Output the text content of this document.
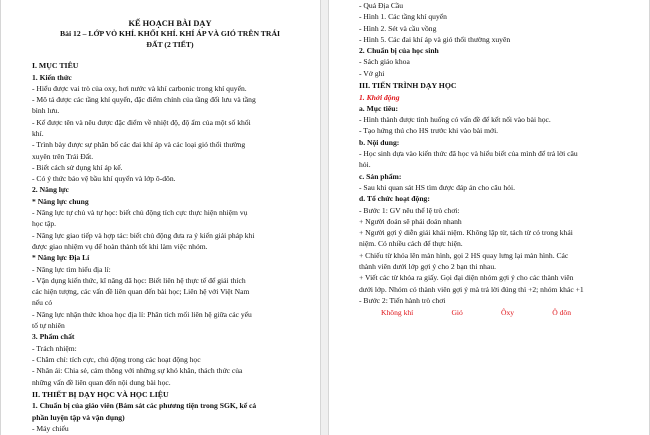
KẾ HOẠCH BÀI DẠY
Bài 12 – LỚP VỎ KHÍ. KHỐI KHÍ. KHÍ ÁP VÀ GIÓ TRÊN TRÁI
ĐẤT (2 TIẾT)
I. MỤC TIÊU
1. Kiến thức
- Hiểu được vai trò của oxy, hơi nước và khí carbonic trong khí quyển.
- Mô tả được các tầng khí quyển, đặc điểm chính của tầng đối lưu và tầng
bình lưu.
- Kể được tên và nêu được đặc điểm về nhiệt độ, độ ẩm của một số khối
khí.
- Trình bày được sự phân bố các đai khí áp và các loại gió thổi thường
xuyên trên Trái Đất.
- Biết cách sử dụng khí áp kế.
- Có ý thức bảo vệ bầu khí quyển và lớp ô-dôn.
2. Năng lực
* Năng lực chung
- Năng lực tự chủ và tự học: biết chủ động tích cực thực hiện nhiệm vụ
học tập.
- Năng lực giao tiếp và hợp tác: biết chủ động đưa ra ý kiến giải pháp khi
được giao nhiệm vụ để hoàn thành tốt khi làm việc nhóm.
* Năng lực Địa Lí
- Năng lực tìm hiểu địa lí:
- Vận dụng kiến thức, kĩ năng đã học: Biết liên hệ thực tế để giải thích
các hiện tượng, các vấn đề liên quan đến bài học; Liên hệ với Việt Nam
nếu có
- Năng lực nhận thức khoa học địa lí: Phân tích mối liên hệ giữa các yếu
tố tự nhiên
3. Phẩm chất
- Trách nhiệm:
- Chăm chỉ: tích cực, chủ động trong các hoạt động học
- Nhân ái: Chia sẻ, cảm thông với những sự khó khăn, thách thức của
những vấn đề liên quan đến nội dung bài học.
II. THIẾT BỊ DẠY HỌC VÀ HỌC LIỆU
1. Chuẩn bị của giáo viên (Bám sát các phương tiện trong SGK, kể cả
phần luyện tập và vận dụng)
- Máy chiếu
- Quả Địa Cầu
- Hình 1. Các tầng khí quyển
- Hình 2. Sét và cầu vồng
- Hình 5. Các đai khí áp và gió thổi thường xuyên
2. Chuẩn bị của học sinh
- Sách giáo khoa
- Vở ghi
III. TIẾN TRÌNH DẠY HỌC
1. Khởi động
a. Mục tiêu:
- Hình thành được tình huống có vấn đề để kết nối vào bài học.
- Tạo hứng thú cho HS trước khi vào bài mới.
b. Nội dung:
- Học sinh dựa vào kiến thức đã học và hiểu biết của mình để trả lời câu
hỏi.
c. Sản phẩm:
- Sau khi quan sát HS tìm được đáp án cho câu hỏi.
d. Tổ chức hoạt động:
- Bước 1: GV nêu thể lệ trò chơi:
+ Người đoán sẽ phải đoán nhanh
+ Người gợi ý diễn giải khái niệm. Không lặp từ, tách từ có trong khái
niệm. Có nhiều cách để thực hiện.
+ Chiếu từ khóa lên màn hình, gọi 2 HS quay lưng lại màn hình. Các
thành viên dưới lớp gợi ý cho 2 bạn thi nhau.
+ Viết các từ khóa ra giấy. Gọi đại diện nhóm gợi ý cho các thành viên
dưới lớp. Nhóm có thành viên gợi ý mà trả lời đúng thì +2; nhóm khác +1
- Bước 2: Tiến hành trò chơi
Không khí	Gió	Ôxy	Ô dôn
